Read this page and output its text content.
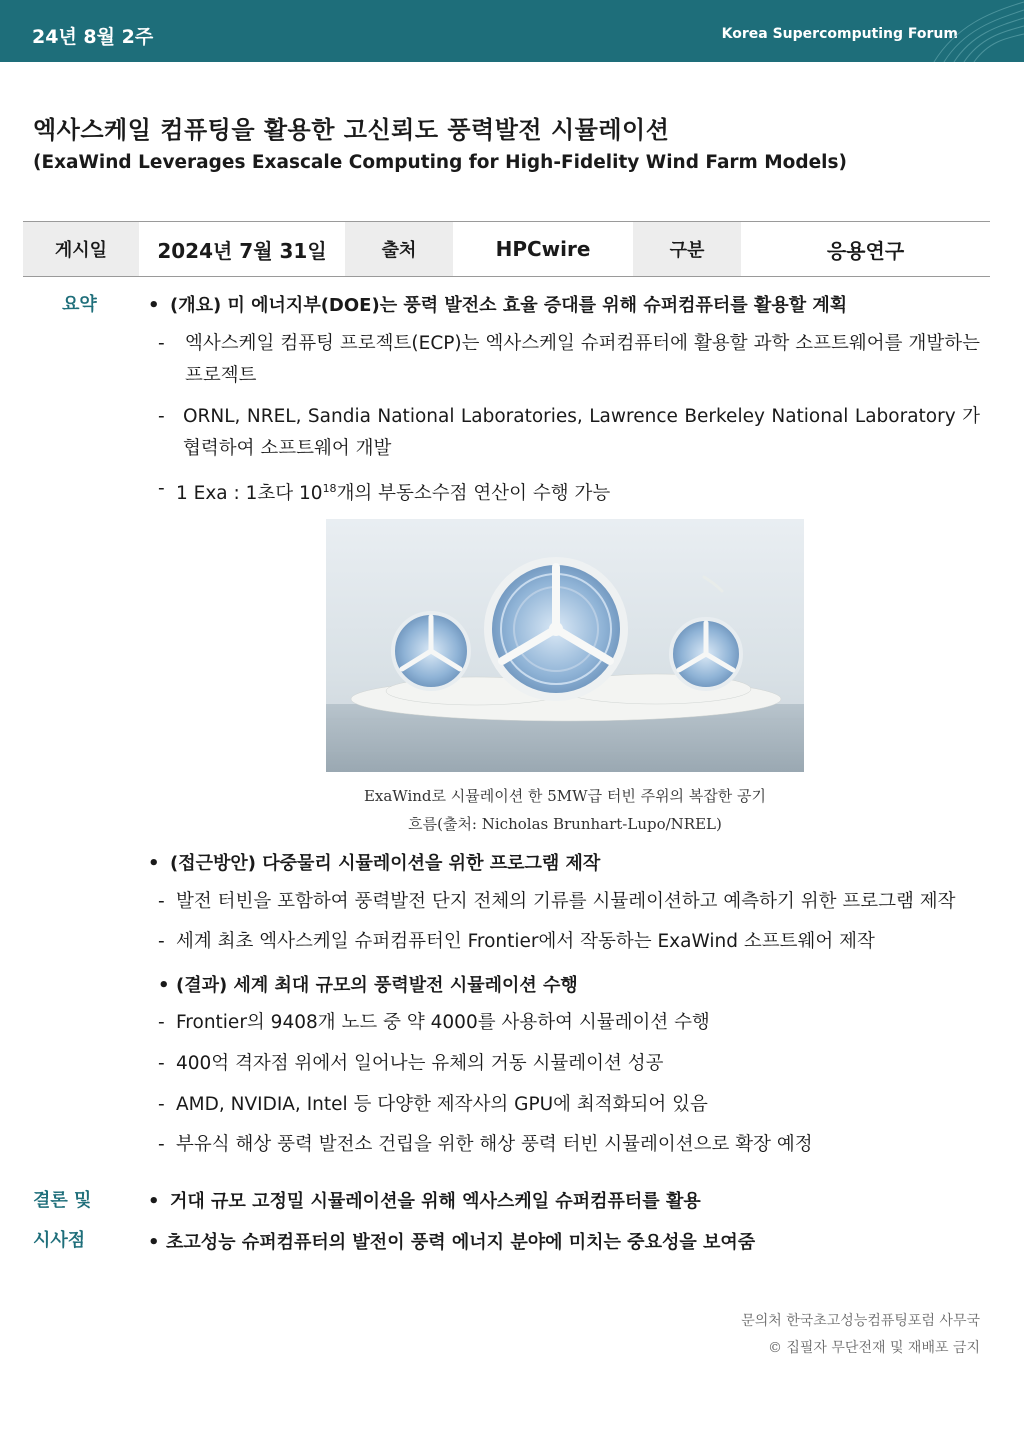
24년 8월 2주	Korea Supercomputing Forum
엑사스케일 컴퓨팅을 활용한 고신뢰도 풍력발전 시뮬레이션
(ExaWind Leverages Exascale Computing for High-Fidelity Wind Farm Models)
게시일	2024년 7월 31일	출처	HPCwire	구분	응용연구
요약	• (개요) 미 에너지부(DOE)는 풍력 발전소 효율 증대를 위해 슈퍼컴퓨터를 활용할 계획
- 엑사스케일 컴퓨팅 프로젝트(ECP)는 엑사스케일 슈퍼컴퓨터에 활용할 과학 소프트웨어를 개발하는 프로젝트
- ORNL, NREL, Sandia National Laboratories, Lawrence Berkeley National Laboratory 가 협력하여 소프트웨어 개발
- 1 Exa : 1초다 $10^{18}$개의 부동소수점 연산이 수행 가능
ExaWind로 시뮬레이션 한 5MW급 터빈 주위의 복잡한 공기
흐름(출처: Nicholas Brunhart-Lupo/NREL)
• (접근방안) 다중물리 시뮬레이션을 위한 프로그램 제작
- 발전 터빈을 포함하여 풍력발전 단지 전체의 기류를 시뮬레이션하고 예측하기 위한 프로그램 제작
- 세계 최초 엑사스케일 슈퍼컴퓨터인 Frontier에서 작동하는 ExaWind 소프트웨어 제작
• (결과) 세계 최대 규모의 풍력발전 시뮬레이션 수행
- Frontier의 9408개 노드 중 약 4000를 사용하여 시뮬레이션 수행
- 400억 격자점 위에서 일어나는 유체의 거동 시뮬레이션 성공
- AMD, NVIDIA, Intel 등 다양한 제작사의 GPU에 최적화되어 있음
- 부유식 해상 풍력 발전소 건립을 위한 해상 풍력 터빈 시뮬레이션으로 확장 예정
결론 및
시사점
• 거대 규모 고정밀 시뮬레이션을 위해 엑사스케일 슈퍼컴퓨터를 활용
• 초고성능 슈퍼컴퓨터의 발전이 풍력 에너지 분야에 미치는 중요성을 보여줌
문의처 한국초고성능컴퓨팅포럼 사무국
© 집필자 무단전재 및 재배포 금지
